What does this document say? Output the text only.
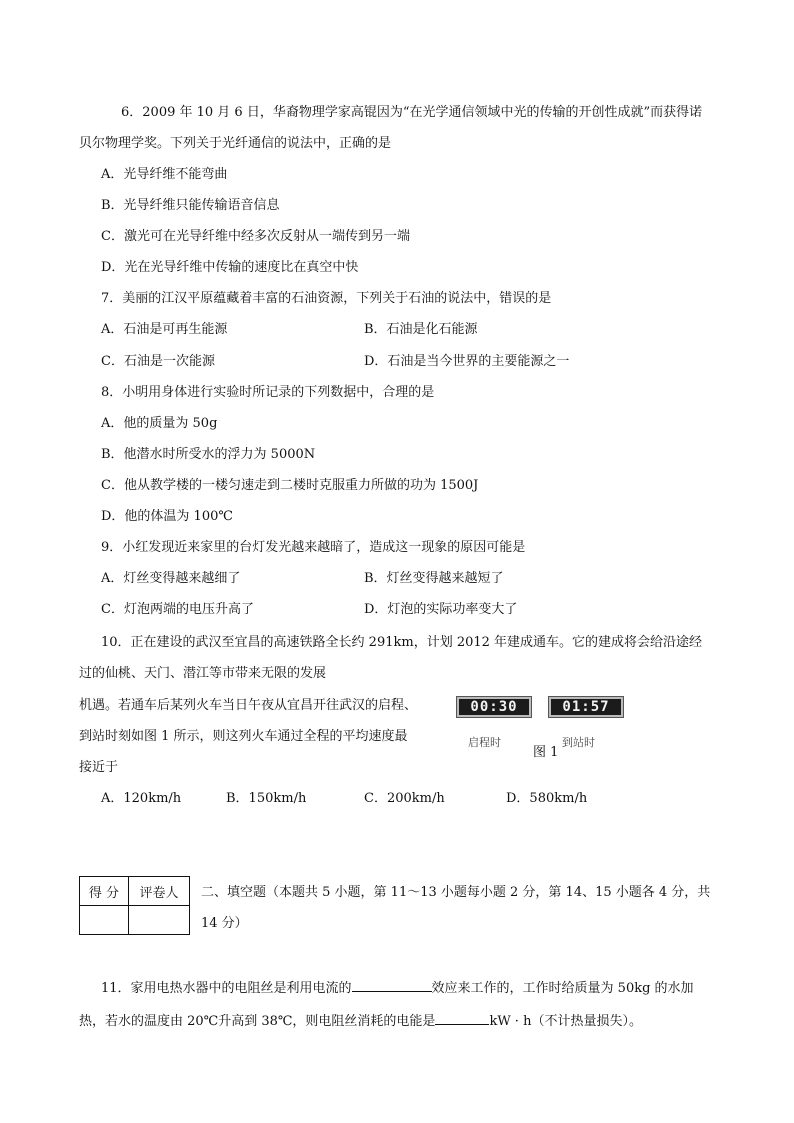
6．2009 年 10 月 6 日，华裔物理学家高锟因为“在光学通信领域中光的传输的开创性成就”而获得诺
贝尔物理学奖。下列关于光纤通信的说法中，正确的是
A．光导纤维不能弯曲
B．光导纤维只能传输语音信息
C．激光可在光导纤维中经多次反射从一端传到另一端
D．光在光导纤维中传输的速度比在真空中快
7．美丽的江汉平原蕴藏着丰富的石油资源，下列关于石油的说法中，错误的是
A．石油是可再生能源	B．石油是化石能源
C．石油是一次能源	D．石油是当今世界的主要能源之一
8．小明用身体进行实验时所记录的下列数据中，合理的是
A．他的质量为 50g
B．他潜水时所受水的浮力为 5000N
C．他从教学楼的一楼匀速走到二楼时克服重力所做的功为 1500J
D．他的体温为 100℃
9．小红发现近来家里的台灯发光越来越暗了，造成这一现象的原因可能是
A．灯丝变得越来越细了	B．灯丝变得越来越短了
C．灯泡两端的电压升高了	D．灯泡的实际功率变大了
10．正在建设的武汉至宜昌的高速铁路全长约 291km，计划 2012 年建成通车。它的建成将会给沿途经
过的仙桃、天门、潜江等市带来无限的发展
机遇。若通车后某列火车当日午夜从宜昌开往武汉的启程、
到站时刻如图 1 所示，则这列火车通过全程的平均速度最
接近于
00:30	01:57
启程时	到站时
图 1
A．120km/h	B．150km/h	C．200km/h	D．580km/h
得 分	评卷人
	二、填空题（本题共 5 小题，第 11～13 小题每小题 2 分，第 14、15 小题各 4 分，共
14 分）
11．家用电热水器中的电阻丝是利用电流的	效应来工作的，工作时给质量为 50kg 的水加
热，若水的温度由 20℃升高到 38℃，则电阻丝消耗的电能是	kW · h（不计热量损失）。
